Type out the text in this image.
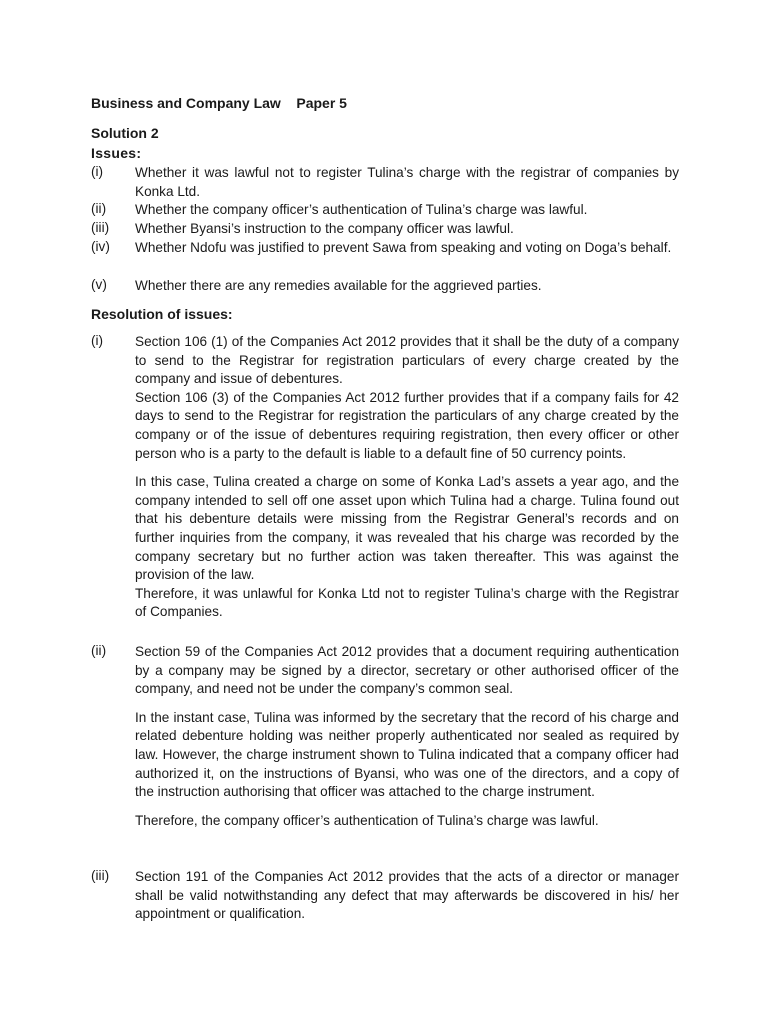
Business and Company Law    Paper 5
Solution 2
Issues:
(i)	Whether it was lawful not to register Tulina’s charge with the registrar of companies by Konka Ltd.

(ii)	Whether the company officer’s authentication of Tulina’s charge was lawful.

(iii)	Whether Byansi’s instruction to the company officer was lawful.

(iv)	Whether Ndofu was justified to prevent Sawa from speaking and voting on Doga’s behalf.

(v)	Whether there are any remedies available for the aggrieved parties.

Resolution of issues:
(i)	Section 106 (1) of the Companies Act 2012 provides that it shall be the duty of a company to send to the Registrar for registration particulars of every charge created by the company and issue of debentures.

Section 106 (3) of the Companies Act 2012 further provides that if a company fails for 42 days to send to the Registrar for registration the particulars of any charge created by the company or of the issue of debentures requiring registration, then every officer or other person who is a party to the default is liable to a default fine of 50 currency points.

In this case, Tulina created a charge on some of Konka Lad’s assets a year ago, and the company intended to sell off one asset upon which Tulina had a charge. Tulina found out that his debenture details were missing from the Registrar General’s records and on further inquiries from the company, it was revealed that his charge was recorded by the company secretary but no further action was taken thereafter. This was against the provision of the law.

Therefore, it was unlawful for Konka Ltd not to register Tulina’s charge with the Registrar of Companies.

(ii)	Section 59 of the Companies Act 2012 provides that a document requiring authentication by a company may be signed by a director, secretary or other authorised officer of the company, and need not be under the company’s common seal.

In the instant case, Tulina was informed by the secretary that the record of his charge and related debenture holding was neither properly authenticated nor sealed as required by law. However, the charge instrument shown to Tulina indicated that a company officer had authorized it, on the instructions of Byansi, who was one of the directors, and a copy of the instruction authorising that officer was attached to the charge instrument.

Therefore, the company officer’s authentication of Tulina’s charge was lawful.

(iii)	Section 191 of the Companies Act 2012 provides that the acts of a director or manager shall be valid notwithstanding any defect that may afterwards be discovered in his/ her appointment or qualification.
